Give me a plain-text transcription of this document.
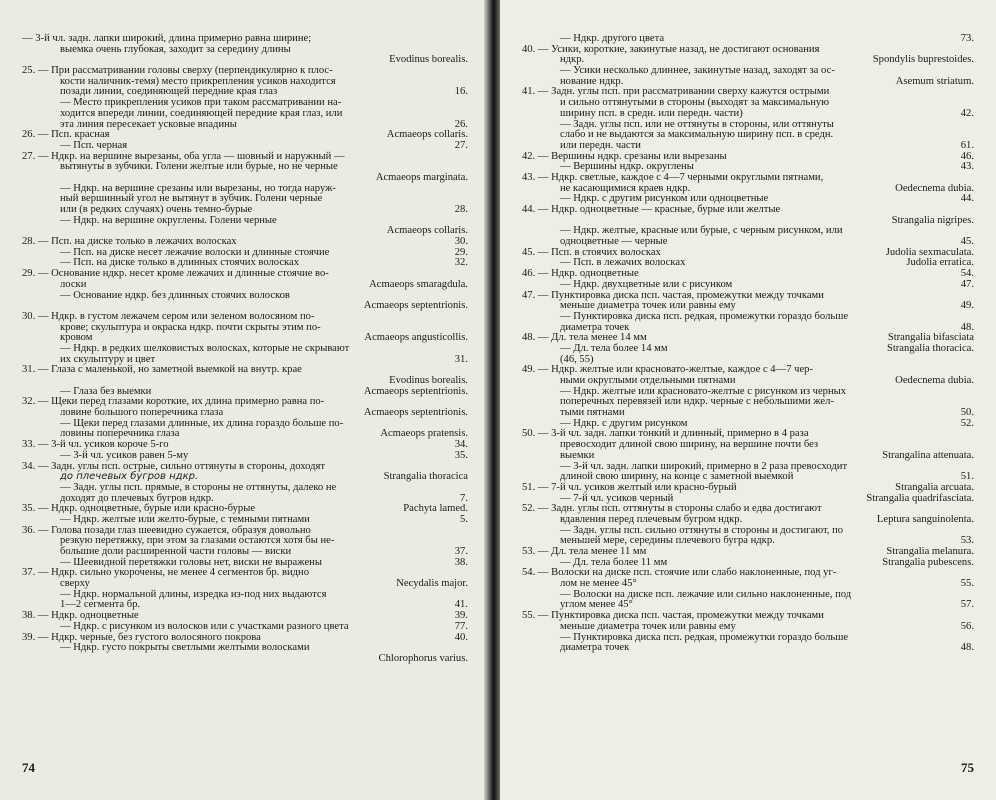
— 3-й чл. задн. лапки широкий, длина примерно равна ширине;
выемка очень глубокая, заходит за середину длины
Evodinus borealis.
25. — При рассматривании головы сверху (перпендикулярно к плос-
кости наличник-темя) место прикрепления усиков находится
позади линии, соединяющей передние края глаз	16.
— Место прикрепления усиков при таком рассматривании на-
ходится впереди линии, соединяющей передние края глаз, или
эта линия пересекает усковые впадины	26.
26. — Псп. красная	Acmaeops collaris.
— Псп. черная	27.
27. — Ндкр. на вершине вырезаны, оба угла — шовный и наружный —
вытянуты в зубчики. Голени желтые или бурые, но не черные
Acmaeops marginata.
— Ндкр. на вершине срезаны или вырезаны, но тогда наруж-
ный вершинный угол не вытянут в зубчик. Голени черные
или (в редких случаях) очень темно-бурые	28.
— Ндкр. на вершине округлены. Голени черные
Acmaeops collaris.
28. — Псп. на диске только в лежачих волосках	30.
— Псп. на диске несет лежачие волоски и длинные стоячие	29.
— Псп. на диске только в длинных стоячих волосках	32.
29. — Основание ндкр. несет кроме лежачих и длинные стоячие во-
лоски	Acmaeops smaragdula.
— Основание ндкр. без длинных стоячих волосков
Acmaeops septentrionis.
30. — Ндкр. в густом лежачем сером или зеленом волосяном по-
крове; скульптура и окраска ндкр. почти скрыты этим по-
кровом	Acmaeops angusticollis.
— Ндкр. в редких шелковистых волосках, которые не скрывают
их скульптуру и цвет	31.
31. — Глаза с маленькой, но заметной выемкой на внутр. крае
Evodinus borealis.
— Глаза без выемки	Acmaeops septentrionis.
32. — Щеки перед глазами короткие, их длина примерно равна по-
ловине большого поперечника глаза	Acmaeops septentrionis.
— Щеки перед глазами длинные, их длина гораздо больше по-
ловины поперечника глаза	Acmaeops pratensis.
33. — 3-й чл. усиков короче 5-го	34.
— 3-й чл. усиков равен 5-му	35.
34. — Задн. углы псп. острые, сильно оттянуты в стороны, доходят
до плечевых бугров ндкр.	Strangalia thoracica
— Задн. углы псп. прямые, в стороны не оттянуты, далеко не
доходят до плечевых бугров ндкр.	7.
35. — Ндкр. одноцветные, бурые или красно-бурые	Pachyta lamed.
— Ндкр. желтые или желто-бурые, с темными пятнами	5.
36. — Голова позади глаз шеевидно сужается, образуя довольно
резкую перетяжку, при этом за глазами остаются хотя бы не-
большие доли расширенной части головы — виски	37.
— Шеевидной перетяжки головы нет, виски не выражены	38.
37. — Ндкр. сильно укорочены, не менее 4 сегментов бр. видно
сверху	Necydalis major.
— Ндкр. нормальной длины, изредка из-под них выдаются
1—2 сегмента бр.	41.
38. — Ндкр. одноцветные	39.
— Ндкр. с рисунком из волосков или с участками разного цвета	77.
39. — Ндкр. черные, без густого волосяного покрова	40.
— Ндкр. густо покрыты светлыми желтыми волосками
Chlorophorus varius.
74
— Ндкр. другого цвета	73.
40. — Усики, короткие, закинутые назад, не достигают основания
ндкр.	Spondylis buprestoides.
— Усики несколько длиннее, закинутые назад, заходят за ос-
нование ндкр.	Asemum striatum.
41. — Задн. углы псп. при рассматривании сверху кажутся острыми
и сильно оттянутыми в стороны (выходят за максимальную
ширину псп. в средн. или передн. части)	42.
— Задн. углы псп. или не оттянуты в стороны, или оттянуты
слабо и не выдаются за максимальную ширину псп. в средн.
или передн. части	61.
42. — Вершины ндкр. срезаны или вырезаны	46.
— Вершины ндкр. округлены	43.
43. — Ндкр. светлые, каждое с 4—7 черными округлыми пятнами,
не касающимися краев ндкр.	Oedecnema dubia.
— Ндкр. с другим рисунком или одноцветные	44.
44. — Ндкр. одноцветные — красные, бурые или желтые
Strangalia nigripes.
— Ндкр. желтые, красные или бурые, с черным рисунком, или
одноцветные — черные	45.
45. — Псп. в стоячих волосках	Judolia sexmaculata.
— Псп. в лежачих волосках	Judolia erratica.
46. — Ндкр. одноцветные	54.
— Ндкр. двухцветные или с рисунком	47.
47. — Пунктировка диска псп. частая, промежутки между точками
меньше диаметра точек или равны ему	49.
— Пунктировка диска псп. редкая, промежутки гораздо больше
диаметра точек	48.
48. — Дл. тела менее 14 мм	Strangalia bifasciata
— Дл. тела более 14 мм	Strangalia thoracica.
(46, 55)
49. — Ндкр. желтые или красновато-желтые, каждое с 4—7 чер-
ными округлыми отдельными пятнами	Oedecnema dubia.
— Ндкр. желтые или красновато-желтые с рисунком из черных
поперечных перевязей или ндкр. черные с небольшими жел-
тыми пятнами	50.
— Ндкр. с другим рисунком	52.
50. — 3-й чл. задн. лапки тонкий и длинный, примерно в 4 раза
превосходит длиной свою ширину, на вершине почти без
выемки	Strangalina attenuata.
— 3-й чл. задн. лапки широкий, примерно в 2 раза превосходит
длиной свою ширину, на конце с заметной выемкой	51.
51. — 7-й чл. усиков желтый или красно-бурый	Strangalia arcuata.
— 7-й чл. усиков черный	Strangalia quadrifasciata.
52. — Задн. углы псп. оттянуты в стороны слабо и едва достигают
вдавления перед плечевым бугром ндкр.	Leptura sanguinolenta.
— Задн. углы псп. сильно оттянуты в стороны и достигают, по
меньшей мере, середины плечевого бугра ндкр.	53.
53. — Дл. тела менее 11 мм	Strangalia melanura.
— Дл. тела более 11 мм	Strangalia pubescens.
54. — Волоски на диске псп. стоячие или слабо наклоненные, под уг-
лом не менее 45°	55.
— Волоски на диске псп. лежачие или сильно наклоненные, под
углом менее 45°	57.
55. — Пунктировка диска псп. частая, промежутки между точками
меньше диаметра точек или равны ему	56.
— Пунктировка диска псп. редкая, промежутки гораздо больше
диаметра точек	48.
75
